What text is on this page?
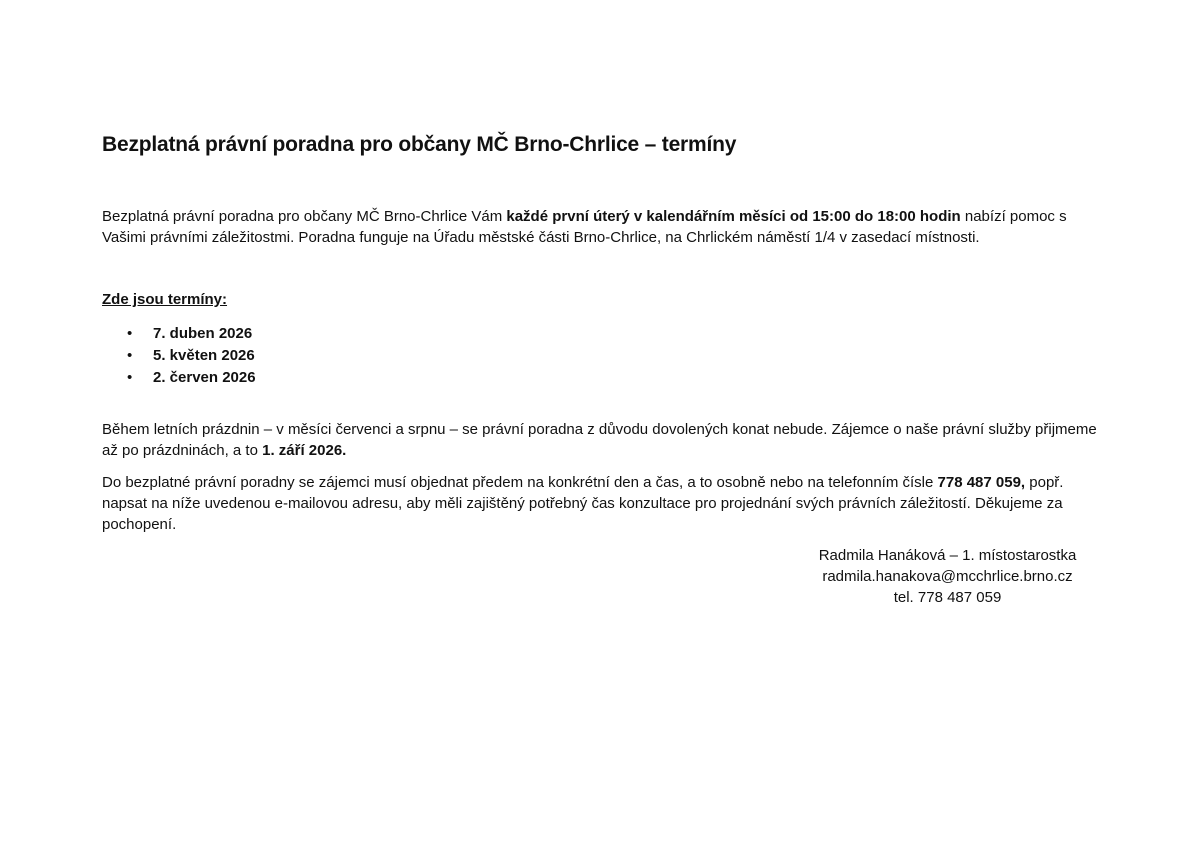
Bezplatná právní poradna pro občany MČ Brno-Chrlice – termíny

Bezplatná právní poradna pro občany MČ Brno-Chrlice Vám každé první úterý v kalendářním měsíci od 15:00 do 18:00 hodin nabízí pomoc s Vašimi právními záležitostmi. Poradna funguje na Úřadu městské části Brno-Chrlice, na Chrlickém náměstí 1/4 v zasedací místnosti.

Zde jsou termíny:

• 7. duben 2026
• 5. květen 2026
• 2. červen 2026

Během letních prázdnin – v měsíci červenci a srpnu – se právní poradna z důvodu dovolených konat nebude. Zájemce o naše právní služby přijmeme až po prázdninách, a to 1. září 2026.

Do bezplatné právní poradny se zájemci musí objednat předem na konkrétní den a čas, a to osobně nebo na telefonním čísle 778 487 059, popř. napsat na níže uvedenou e-mailovou adresu, aby měli zajištěný potřebný čas konzultace pro projednání svých právních záležitostí. Děkujeme za pochopení.

Radmila Hanáková – 1. místostarostka
radmila.hanakova@mcchrlice.brno.cz
tel. 778 487 059
